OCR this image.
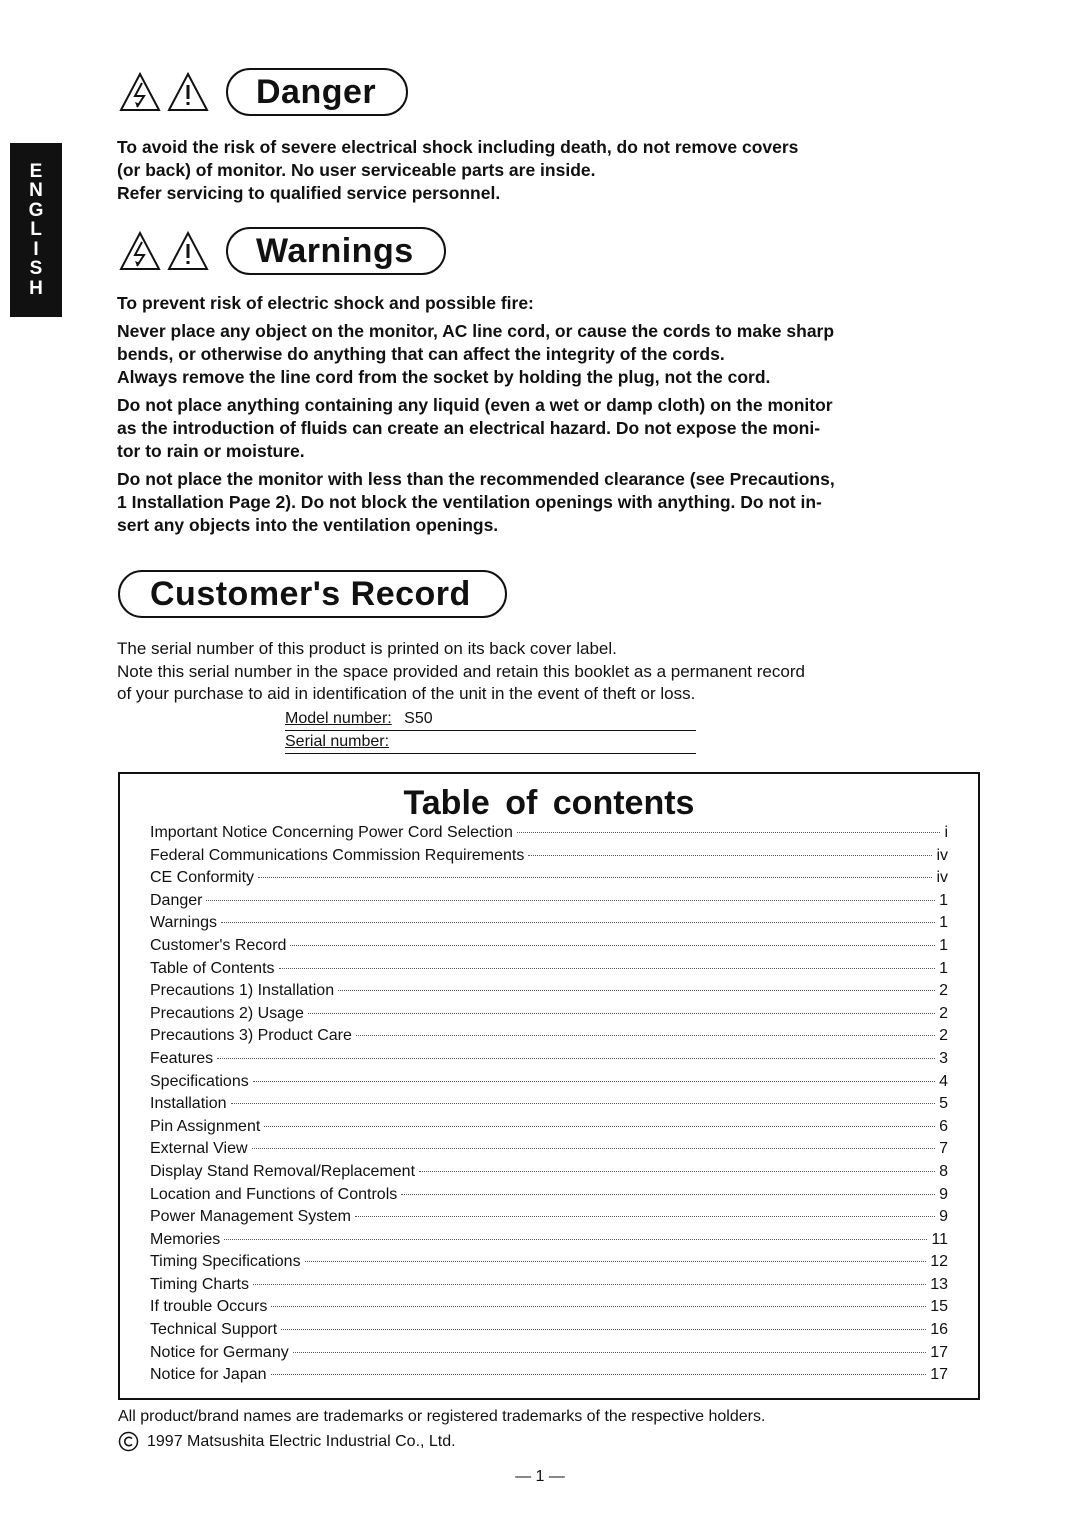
E
N
G
L
I
S
H
Danger

To avoid the risk of severe electrical shock including death, do not remove covers

(or back) of monitor. No user serviceable parts are inside.

Refer servicing to qualified service personnel.

Warnings

To prevent risk of electric shock and possible fire:

Never place any object on the monitor, AC line cord, or cause the cords to make sharp

bends, or otherwise do anything that can affect the integrity of the cords.

Always remove the line cord from the socket by holding the plug, not the cord.

Do not place anything containing any liquid (even a wet or damp cloth) on the monitor

as the introduction of fluids can create an electrical hazard. Do not expose the moni-

tor to rain or moisture.

Do not place the monitor with less than the recommended clearance (see Precautions,

1 Installation Page 2). Do not block the ventilation openings with anything. Do not in-

sert any objects into the ventilation openings.

Customer's Record

The serial number of this product is printed on its back cover label.

Note this serial number in the space provided and retain this booklet as a permanent record

of your purchase to aid in identification of the unit in the event of theft or loss.

Model number: S50
Serial number:
Table of contents
Important Notice Concerning Power Cord Selection	i
Federal Communications Commission Requirements	iv
CE Conformity	iv
Danger	1
Warnings	1
Customer's Record	1
Table of Contents	1
Precautions 1) Installation	2
Precautions 2) Usage	2
Precautions 3) Product Care	2
Features	3
Specifications	4
Installation	5
Pin Assignment	6
External View	7
Display Stand Removal/Replacement	8
Location and Functions of Controls	9
Power Management System	9
Memories	11
Timing Specifications	12
Timing Charts	13
If trouble Occurs	15
Technical Support	16
Notice for Germany	17
Notice for Japan	17
All product/brand names are trademarks or registered trademarks of the respective holders.
1997 Matsushita Electric Industrial Co., Ltd.
— 1 —
